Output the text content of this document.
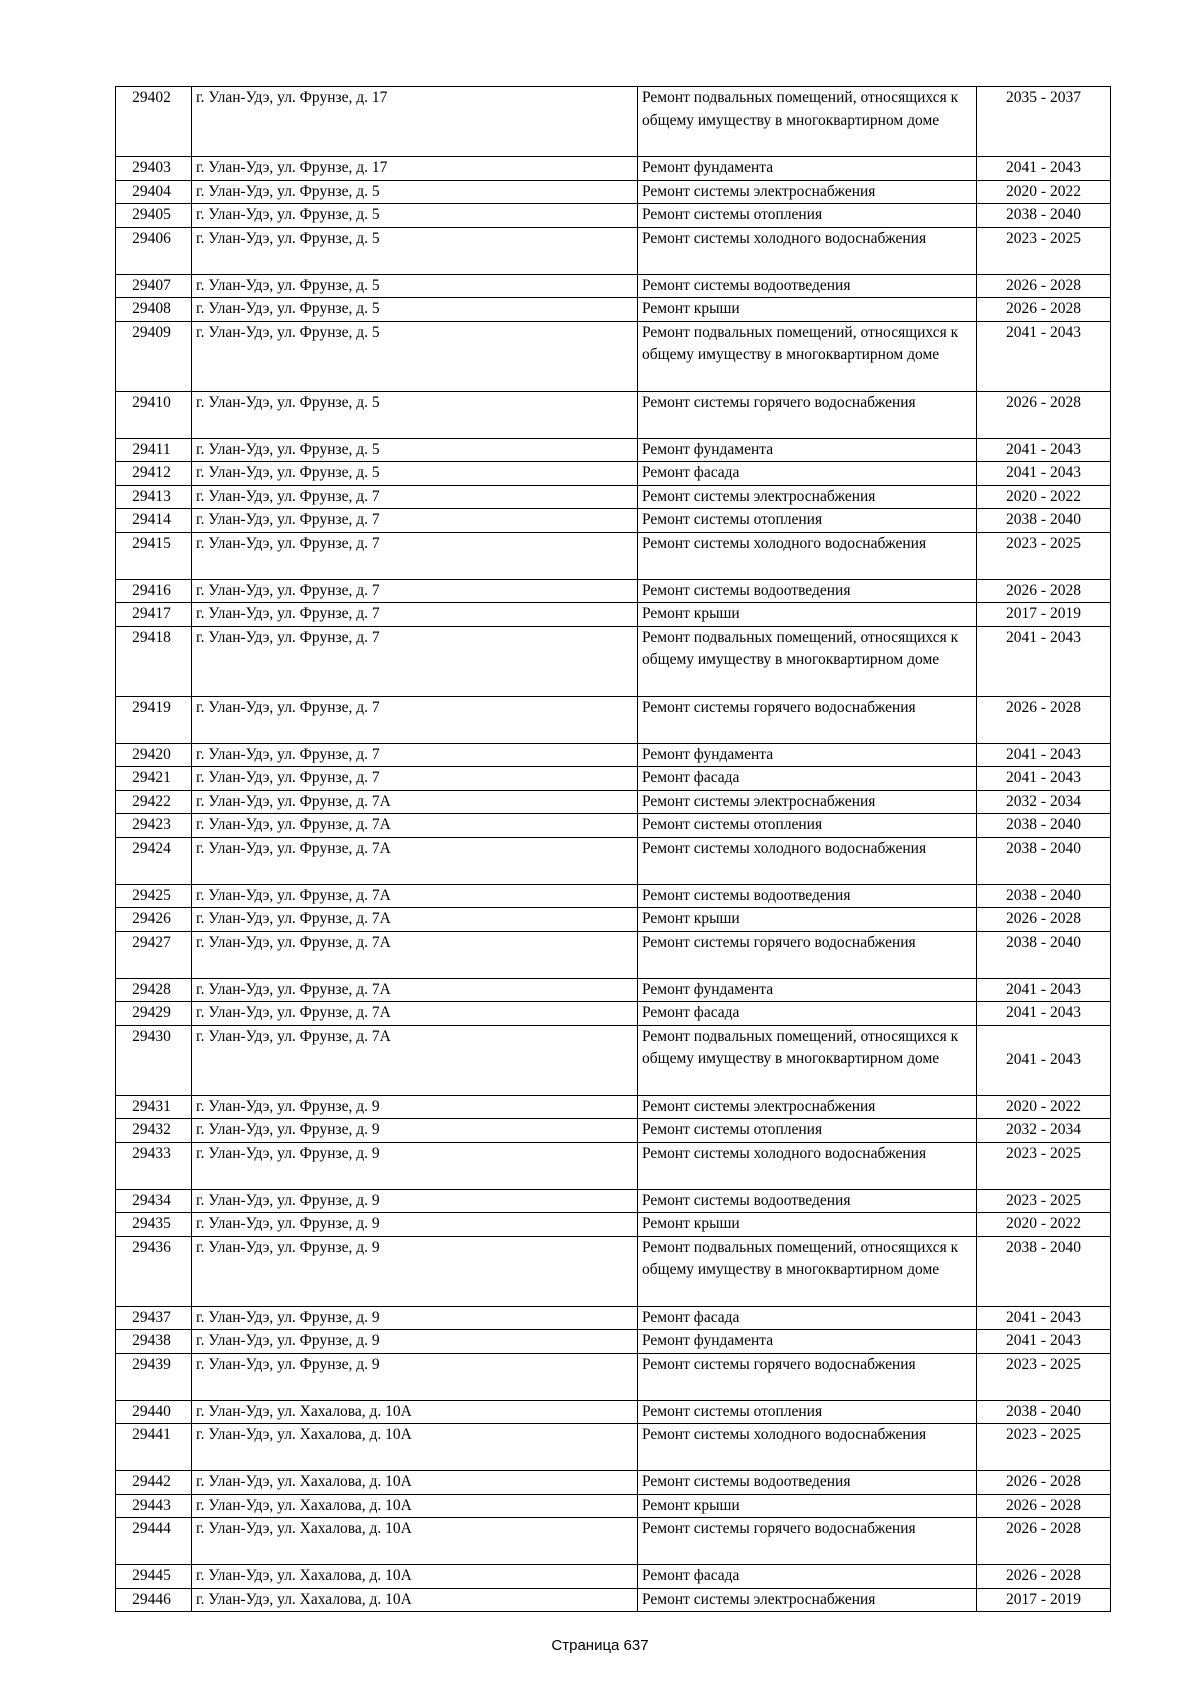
29402	г. Улан-Удэ, ул. Фрунзе, д. 17	Ремонт подвальных помещений, относящихся к общему имуществу в многоквартирном доме	2035 - 2037
29403	г. Улан-Удэ, ул. Фрунзе, д. 17	Ремонт фундамента	2041 - 2043
29404	г. Улан-Удэ, ул. Фрунзе, д. 5	Ремонт системы электроснабжения	2020 - 2022
29405	г. Улан-Удэ, ул. Фрунзе, д. 5	Ремонт системы отопления	2038 - 2040
29406	г. Улан-Удэ, ул. Фрунзе, д. 5	Ремонт системы холодного водоснабжения	2023 - 2025
29407	г. Улан-Удэ, ул. Фрунзе, д. 5	Ремонт системы водоотведения	2026 - 2028
29408	г. Улан-Удэ, ул. Фрунзе, д. 5	Ремонт крыши	2026 - 2028
29409	г. Улан-Удэ, ул. Фрунзе, д. 5	Ремонт подвальных помещений, относящихся к общему имуществу в многоквартирном доме	2041 - 2043
29410	г. Улан-Удэ, ул. Фрунзе, д. 5	Ремонт системы горячего водоснабжения	2026 - 2028
29411	г. Улан-Удэ, ул. Фрунзе, д. 5	Ремонт фундамента	2041 - 2043
29412	г. Улан-Удэ, ул. Фрунзе, д. 5	Ремонт фасада	2041 - 2043
29413	г. Улан-Удэ, ул. Фрунзе, д. 7	Ремонт системы электроснабжения	2020 - 2022
29414	г. Улан-Удэ, ул. Фрунзе, д. 7	Ремонт системы отопления	2038 - 2040
29415	г. Улан-Удэ, ул. Фрунзе, д. 7	Ремонт системы холодного водоснабжения	2023 - 2025
29416	г. Улан-Удэ, ул. Фрунзе, д. 7	Ремонт системы водоотведения	2026 - 2028
29417	г. Улан-Удэ, ул. Фрунзе, д. 7	Ремонт крыши	2017 - 2019
29418	г. Улан-Удэ, ул. Фрунзе, д. 7	Ремонт подвальных помещений, относящихся к общему имуществу в многоквартирном доме	2041 - 2043
29419	г. Улан-Удэ, ул. Фрунзе, д. 7	Ремонт системы горячего водоснабжения	2026 - 2028
29420	г. Улан-Удэ, ул. Фрунзе, д. 7	Ремонт фундамента	2041 - 2043
29421	г. Улан-Удэ, ул. Фрунзе, д. 7	Ремонт фасада	2041 - 2043
29422	г. Улан-Удэ, ул. Фрунзе, д. 7А	Ремонт системы электроснабжения	2032 - 2034
29423	г. Улан-Удэ, ул. Фрунзе, д. 7А	Ремонт системы отопления	2038 - 2040
29424	г. Улан-Удэ, ул. Фрунзе, д. 7А	Ремонт системы холодного водоснабжения	2038 - 2040
29425	г. Улан-Удэ, ул. Фрунзе, д. 7А	Ремонт системы водоотведения	2038 - 2040
29426	г. Улан-Удэ, ул. Фрунзе, д. 7А	Ремонт крыши	2026 - 2028
29427	г. Улан-Удэ, ул. Фрунзе, д. 7А	Ремонт системы горячего водоснабжения	2038 - 2040
29428	г. Улан-Удэ, ул. Фрунзе, д. 7А	Ремонт фундамента	2041 - 2043
29429	г. Улан-Удэ, ул. Фрунзе, д. 7А	Ремонт фасада	2041 - 2043
29430	г. Улан-Удэ, ул. Фрунзе, д. 7А	Ремонт подвальных помещений, относящихся к общему имуществу в многоквартирном доме	2041 - 2043
29431	г. Улан-Удэ, ул. Фрунзе, д. 9	Ремонт системы электроснабжения	2020 - 2022
29432	г. Улан-Удэ, ул. Фрунзе, д. 9	Ремонт системы отопления	2032 - 2034
29433	г. Улан-Удэ, ул. Фрунзе, д. 9	Ремонт системы холодного водоснабжения	2023 - 2025
29434	г. Улан-Удэ, ул. Фрунзе, д. 9	Ремонт системы водоотведения	2023 - 2025
29435	г. Улан-Удэ, ул. Фрунзе, д. 9	Ремонт крыши	2020 - 2022
29436	г. Улан-Удэ, ул. Фрунзе, д. 9	Ремонт подвальных помещений, относящихся к общему имуществу в многоквартирном доме	2038 - 2040
29437	г. Улан-Удэ, ул. Фрунзе, д. 9	Ремонт фасада	2041 - 2043
29438	г. Улан-Удэ, ул. Фрунзе, д. 9	Ремонт фундамента	2041 - 2043
29439	г. Улан-Удэ, ул. Фрунзе, д. 9	Ремонт системы горячего водоснабжения	2023 - 2025
29440	г. Улан-Удэ, ул. Хахалова, д. 10А	Ремонт системы отопления	2038 - 2040
29441	г. Улан-Удэ, ул. Хахалова, д. 10А	Ремонт системы холодного водоснабжения	2023 - 2025
29442	г. Улан-Удэ, ул. Хахалова, д. 10А	Ремонт системы водоотведения	2026 - 2028
29443	г. Улан-Удэ, ул. Хахалова, д. 10А	Ремонт крыши	2026 - 2028
29444	г. Улан-Удэ, ул. Хахалова, д. 10А	Ремонт системы горячего водоснабжения	2026 - 2028
29445	г. Улан-Удэ, ул. Хахалова, д. 10А	Ремонт фасада	2026 - 2028
29446	г. Улан-Удэ, ул. Хахалова, д. 10А	Ремонт системы электроснабжения	2017 - 2019
Страница 637
